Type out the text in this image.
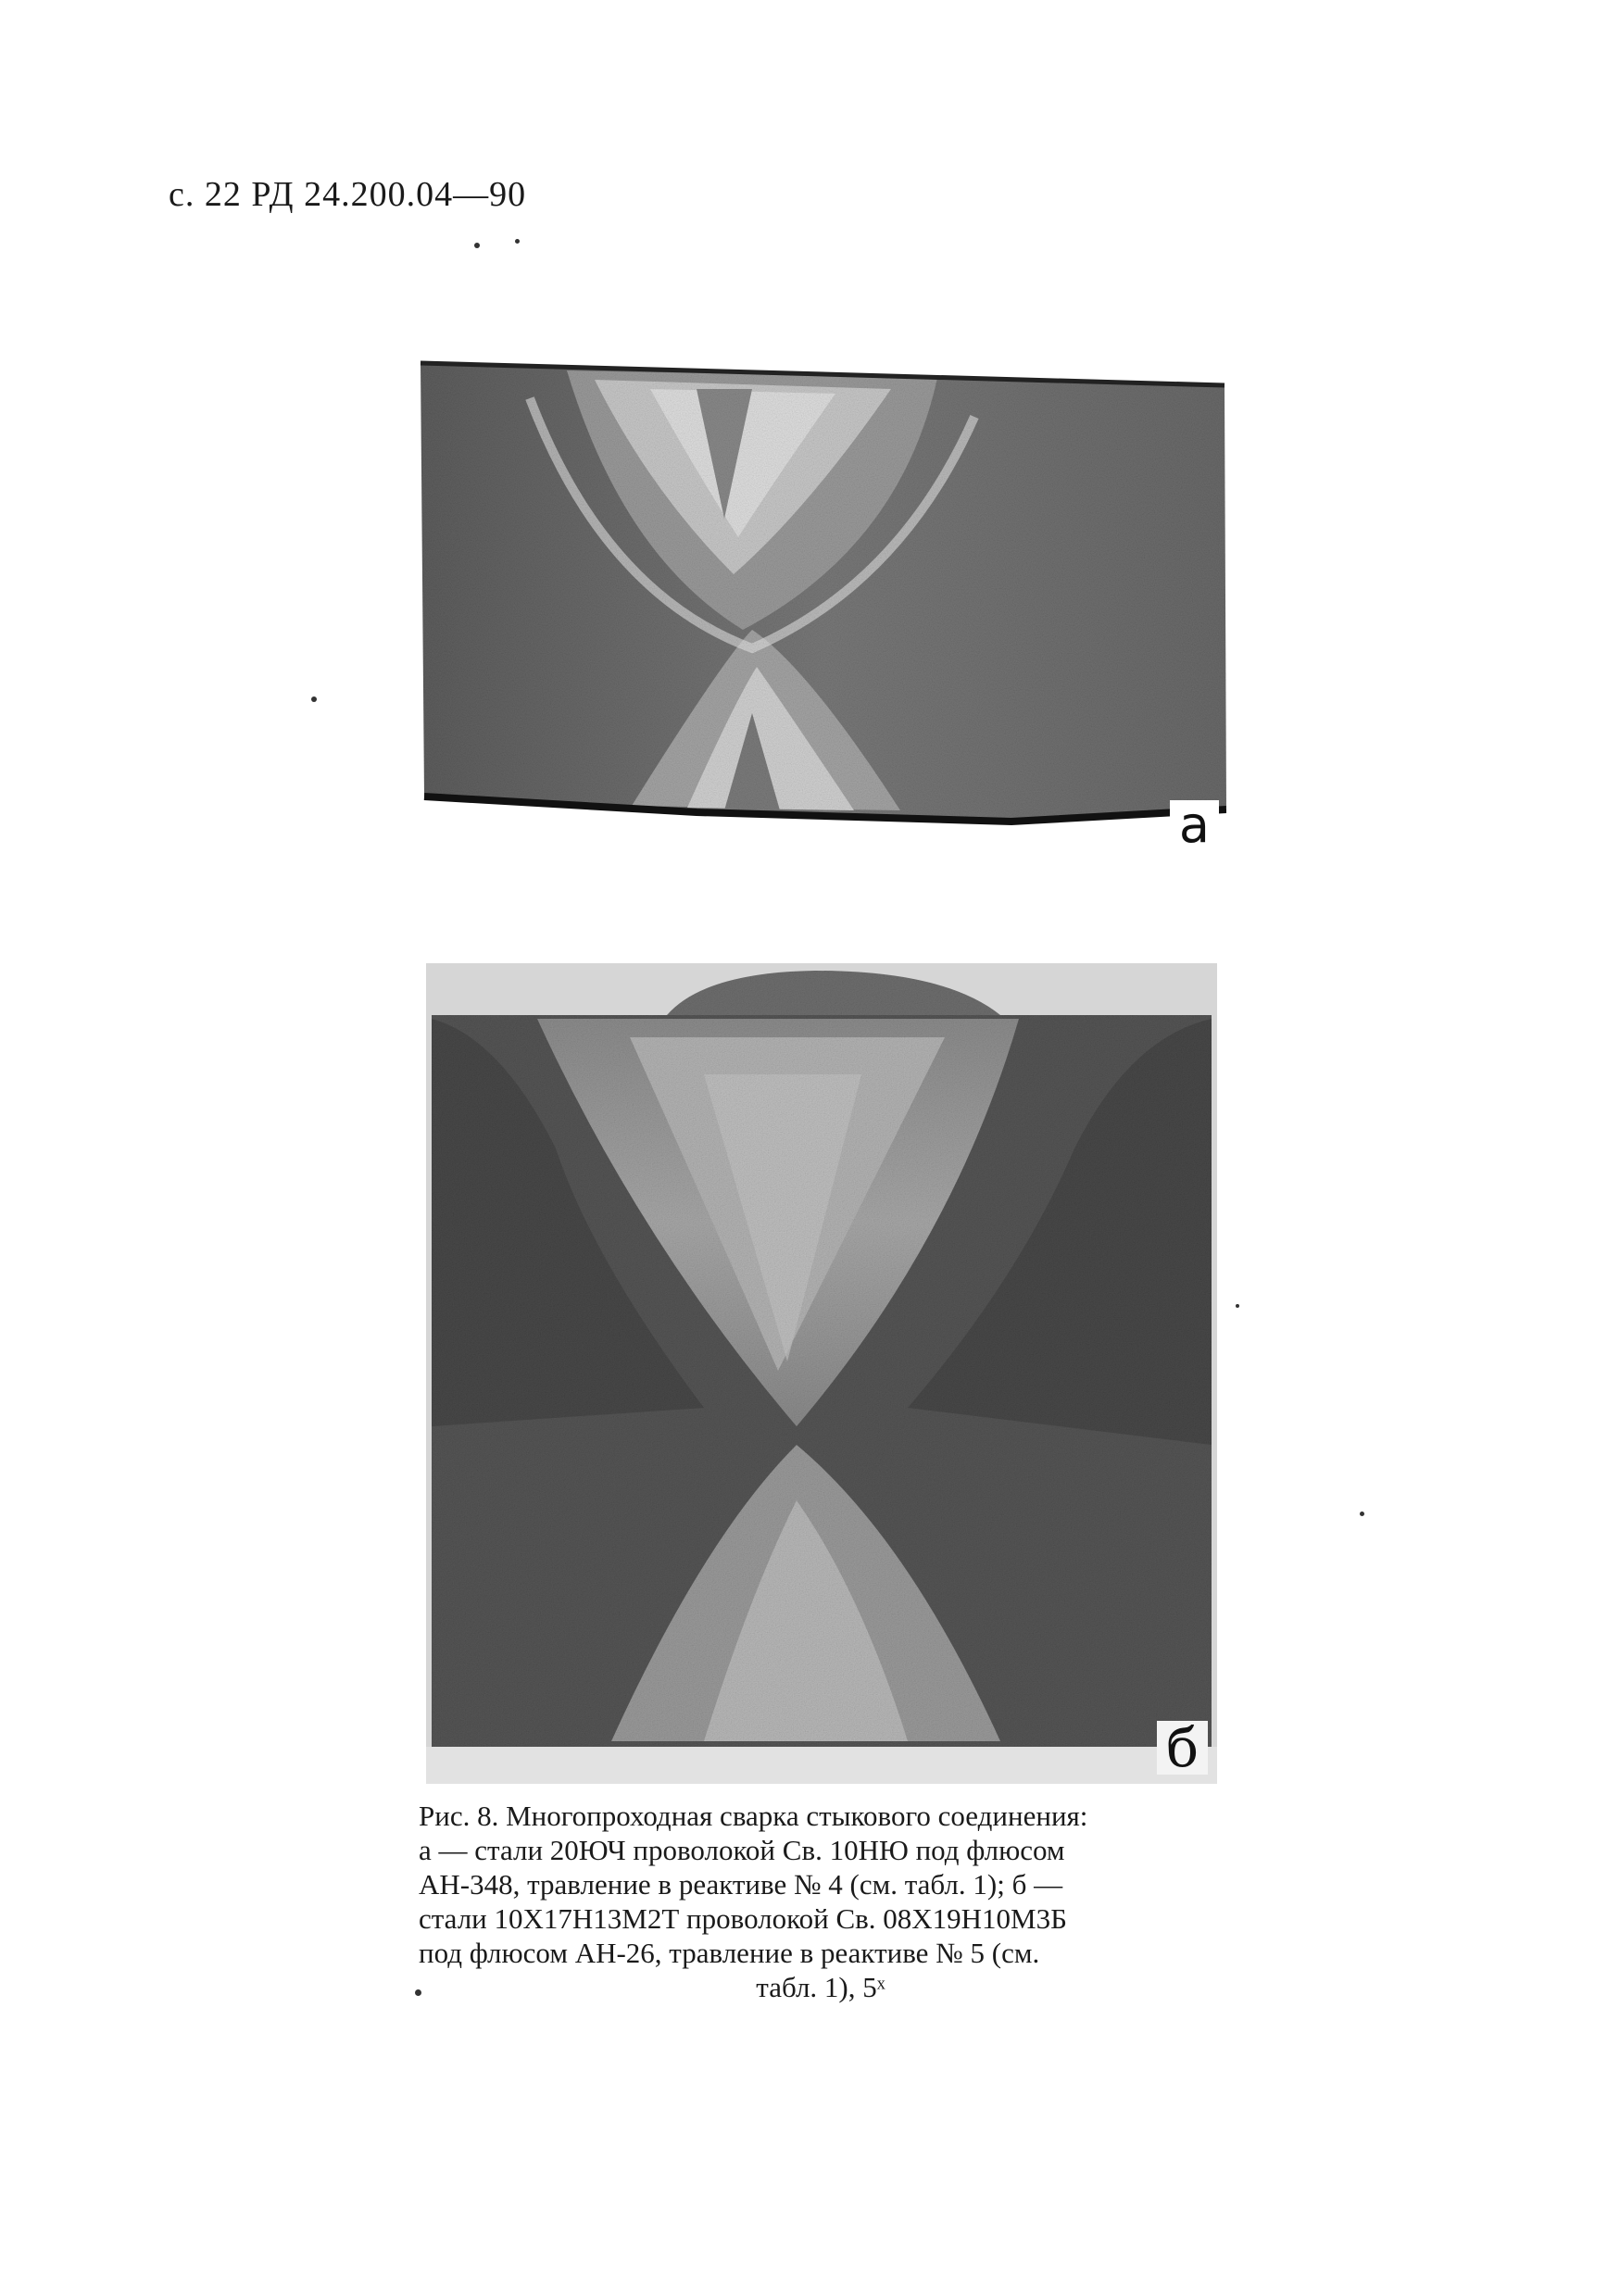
с. 22 РД 24.200.04—90
а
б

Рис. 8. Многопроходная сварка стыкового соединения:

а — стали 20ЮЧ проволокой Св. 10НЮ под флюсом

АН-348, травление в реактиве № 4 (см. табл. 1); б —

стали 10Х17Н13М2Т проволокой Св. 08Х19Н10М3Б

под флюсом АН-26, травление в реактиве № 5 (см.

табл. 1), 5ˣ
